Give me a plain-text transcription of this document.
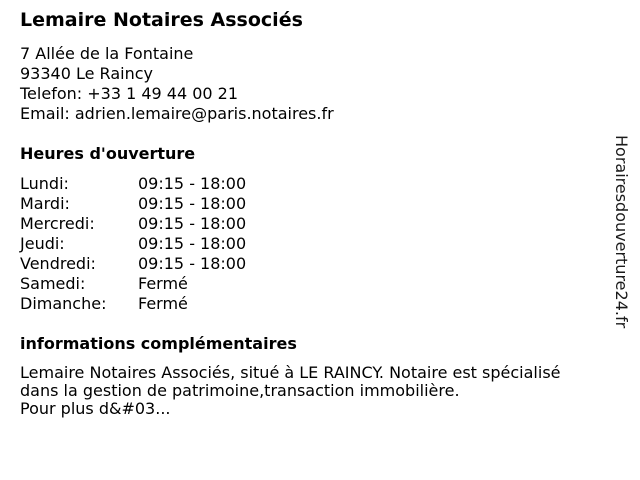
Lemaire Notaires Associés
7 Allée de la Fontaine
93340 Le Raincy
Telefon: +33 1 49 44 00 21
Email: adrien.lemaire@paris.notaires.fr
Heures d'ouverture
Lundi:	09:15 - 18:00
Mardi:	09:15 - 18:00
Mercredi:	09:15 - 18:00
Jeudi:	09:15 - 18:00
Vendredi:	09:15 - 18:00
Samedi:	Fermé
Dimanche:	Fermé
informations complémentaires
Lemaire Notaires Associés, situé à LE RAINCY. Notaire est spécialisé
dans la gestion de patrimoine,transaction immobilière.
Pour plus d&#03...
Horairesdouverture24.fr
